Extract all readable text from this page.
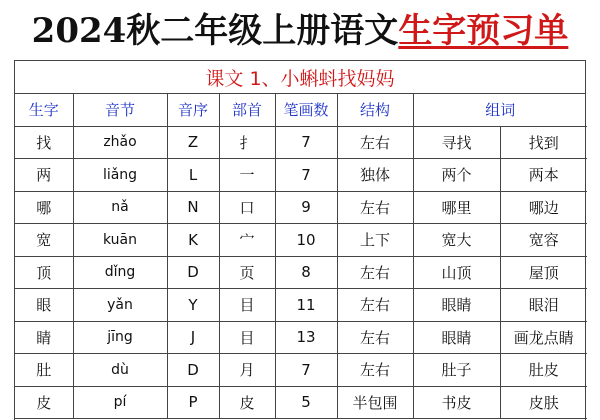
2024秋二年级上册语文 生字预习单
课文 1、小蝌蚪找妈妈
生字	音节	音序	部首	笔画数	结构	组词	
找	zhǎo	Z	扌	7	左右	寻找	找到
两	liǎng	L	一	7	独体	两个	两本
哪	nǎ	N	口	9	左右	哪里	哪边
宽	kuān	K	宀	10	上下	宽大	宽容
顶	dǐng	D	页	8	左右	山顶	屋顶
眼	yǎn	Y	目	11	左右	眼睛	眼泪
睛	jīng	J	目	13	左右	眼睛	画龙点睛
肚	dù	D	月	7	左右	肚子	肚皮
皮	pí	P	皮	5	半包围	书皮	皮肤
